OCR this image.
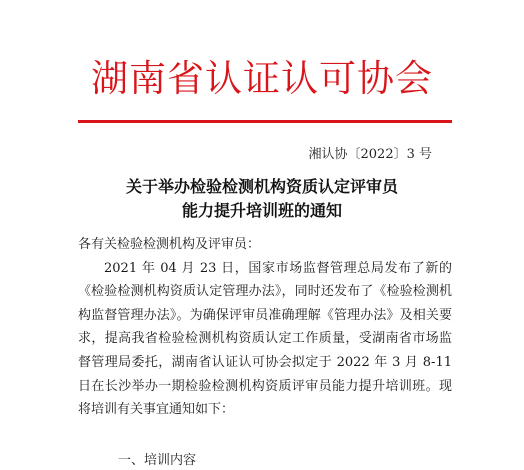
湖南省认证认可协会
湘认协〔2022〕3 号
关于举办检验检测机构资质认定评审员
能力提升培训班的通知

各有关检验检测机构及评审员：

2021 年 04 月 23 日，国家市场监督管理总局发布了新的《检验检测机构资质认定管理办法》，同时还发布了《检验检测机构监督管理办法》。为确保评审员准确理解《管理办法》及相关要求，提高我省检验检测机构资质认定工作质量，受湖南省市场监督管理局委托，湖南省认证认可协会拟定于 2022 年 3 月 8-11 日在长沙举办一期检验检测机构资质评审员能力提升培训班。现将培训有关事宜通知如下：

一、培训内容
